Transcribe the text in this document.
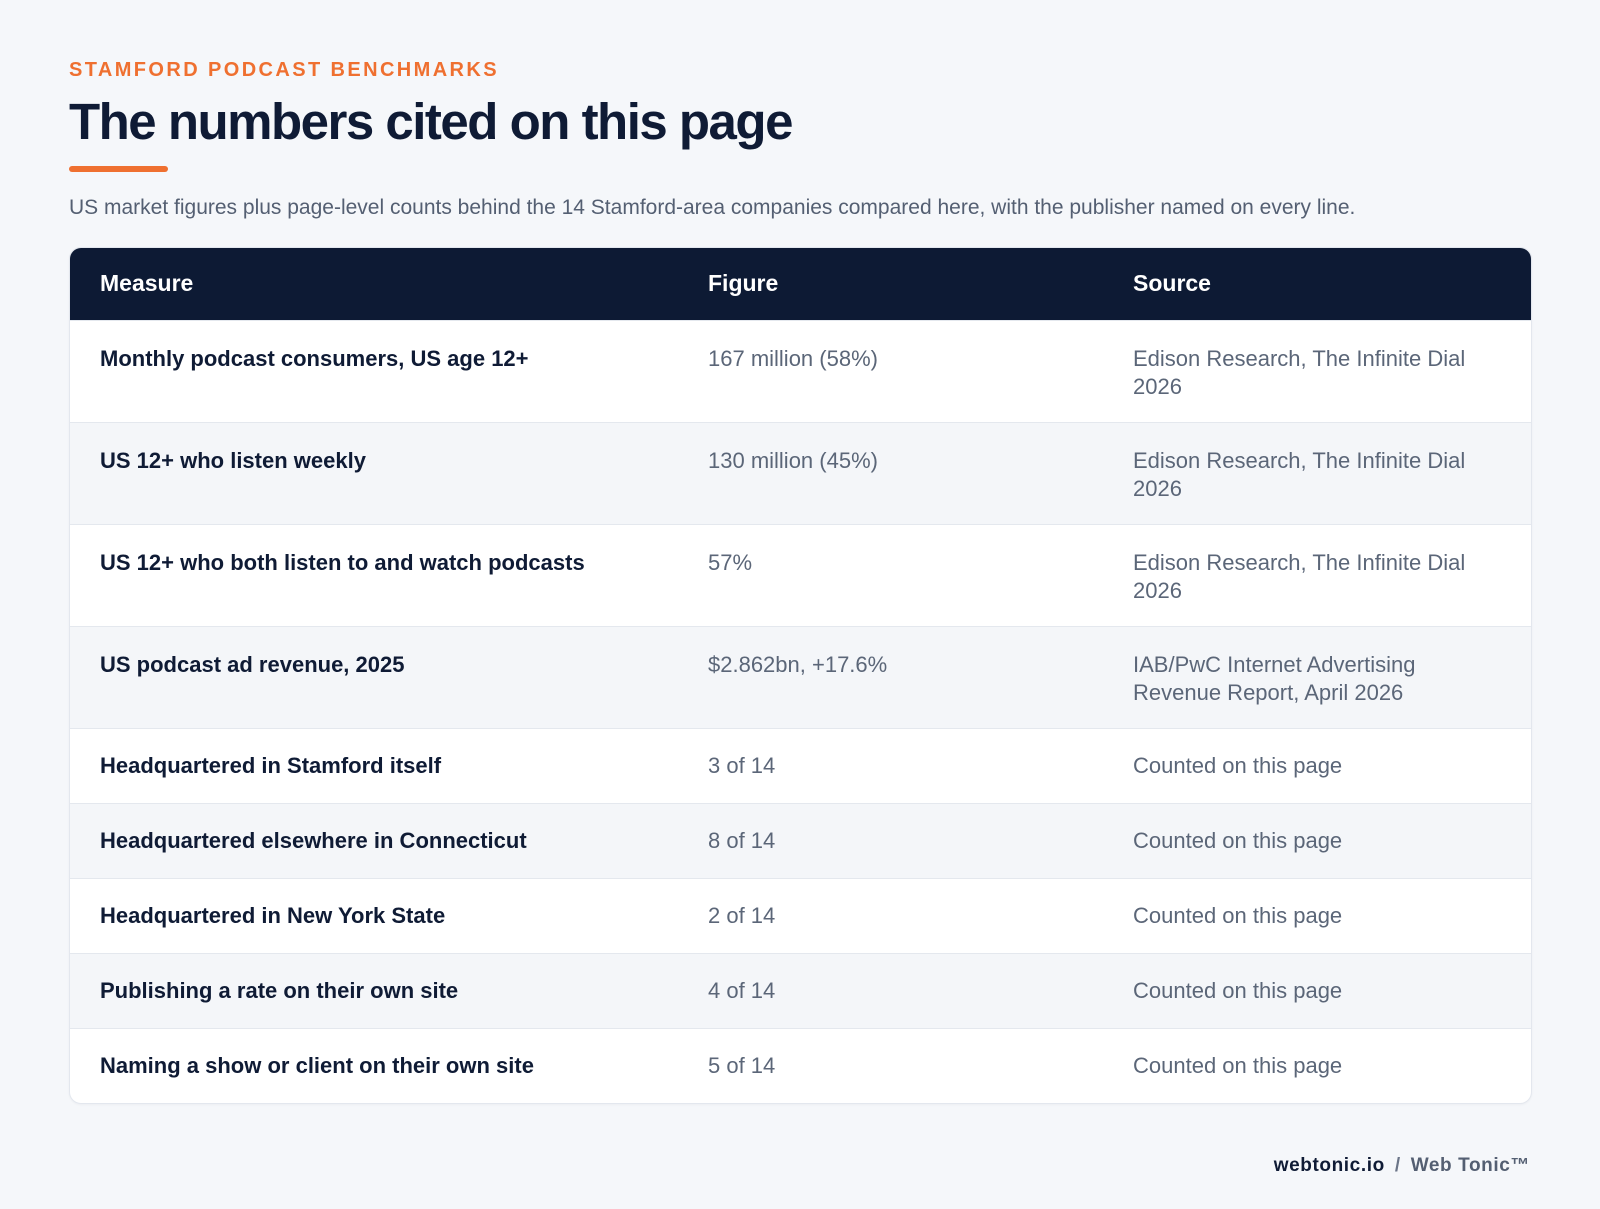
STAMFORD PODCAST BENCHMARKS
The numbers cited on this page
US market figures plus page-level counts behind the 14 Stamford-area companies compared here, with the publisher named on every line.
Measure	Figure	Source
Monthly podcast consumers, US age 12+	167 million (58%)	Edison Research, The Infinite Dial 2026
US 12+ who listen weekly	130 million (45%)	Edison Research, The Infinite Dial 2026
US 12+ who both listen to and watch podcasts	57%	Edison Research, The Infinite Dial 2026
US podcast ad revenue, 2025	$2.862bn, +17.6%	IAB/PwC Internet Advertising Revenue Report, April 2026
Headquartered in Stamford itself	3 of 14	Counted on this page
Headquartered elsewhere in Connecticut	8 of 14	Counted on this page
Headquartered in New York State	2 of 14	Counted on this page
Publishing a rate on their own site	4 of 14	Counted on this page
Naming a show or client on their own site	5 of 14	Counted on this page
webtonic.io / Web Tonic™
